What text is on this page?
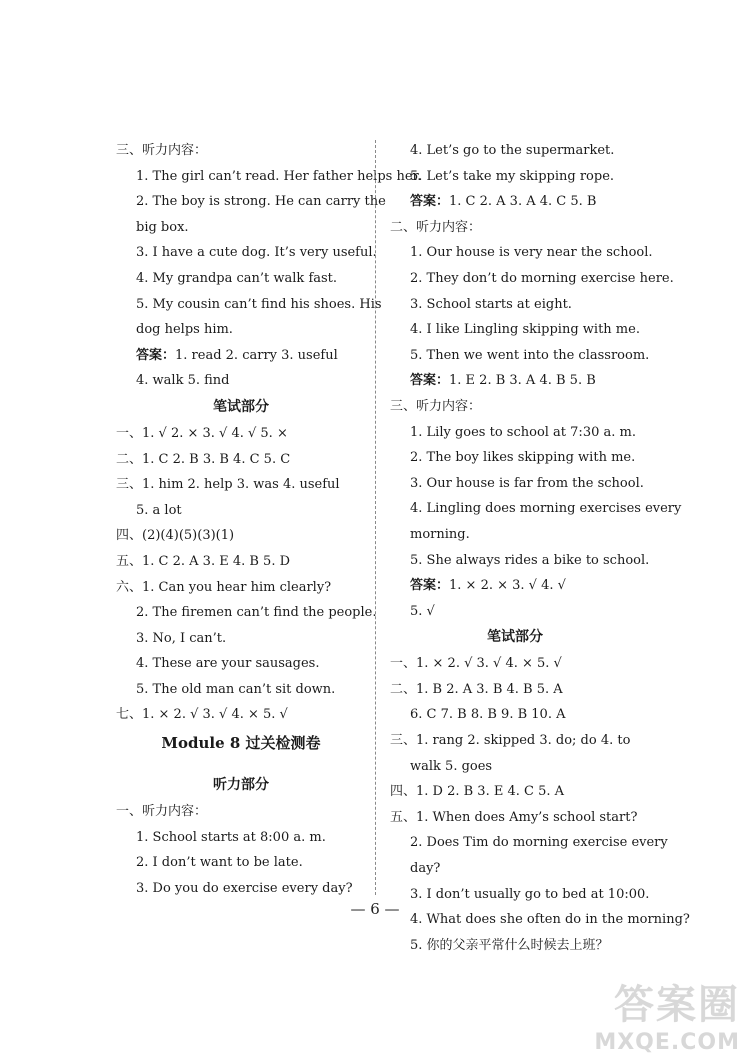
三、听力内容：
1. The girl can’t read. Her father helps her.
2. The boy is strong. He can carry the
big box.
3. I have a cute dog. It’s very useful.
4. My grandpa can’t walk fast.
5. My cousin can’t find his shoes. His
dog helps him.
答案：1. read 2. carry 3. useful
4. walk 5. find
笔试部分
一、1. √ 2. × 3. √ 4. √ 5. ×
二、1. C 2. B 3. B 4. C 5. C
三、1. him 2. help 3. was 4. useful
5. a lot
四、(2)(4)(5)(3)(1)
五、1. C 2. A 3. E 4. B 5. D
六、1. Can you hear him clearly?
2. The firemen can’t find the people.
3. No, I can’t.
4. These are your sausages.
5. The old man can’t sit down.
七、1. × 2. √ 3. √ 4. × 5. √
Module 8 过关检测卷
听力部分
一、听力内容：
1. School starts at 8:00 a. m.
2. I don’t want to be late.
3. Do you do exercise every day?
4. Let’s go to the supermarket.
5. Let’s take my skipping rope.
答案：1. C 2. A 3. A 4. C 5. B
二、听力内容：
1. Our house is very near the school.
2. They don’t do morning exercise here.
3. School starts at eight.
4. I like Lingling skipping with me.
5. Then we went into the classroom.
答案：1. E 2. B 3. A 4. B 5. B
三、听力内容：
1. Lily goes to school at 7:30 a. m.
2. The boy likes skipping with me.
3. Our house is far from the school.
4. Lingling does morning exercises every
morning.
5. She always rides a bike to school.
答案：1. × 2. × 3. √ 4. √
5. √
笔试部分
一、1. × 2. √ 3. √ 4. × 5. √
二、1. B 2. A 3. B 4. B 5. A
6. C 7. B 8. B 9. B 10. A
三、1. rang 2. skipped 3. do; do 4. to
walk 5. goes
四、1. D 2. B 3. E 4. C 5. A
五、1. When does Amy’s school start?
2. Does Tim do morning exercise every
day?
3. I don’t usually go to bed at 10:00.
4. What does she often do in the morning?
5. 你的父亲平常什么时候去上班？
— 6 —
答案圈
MXQE.COM
